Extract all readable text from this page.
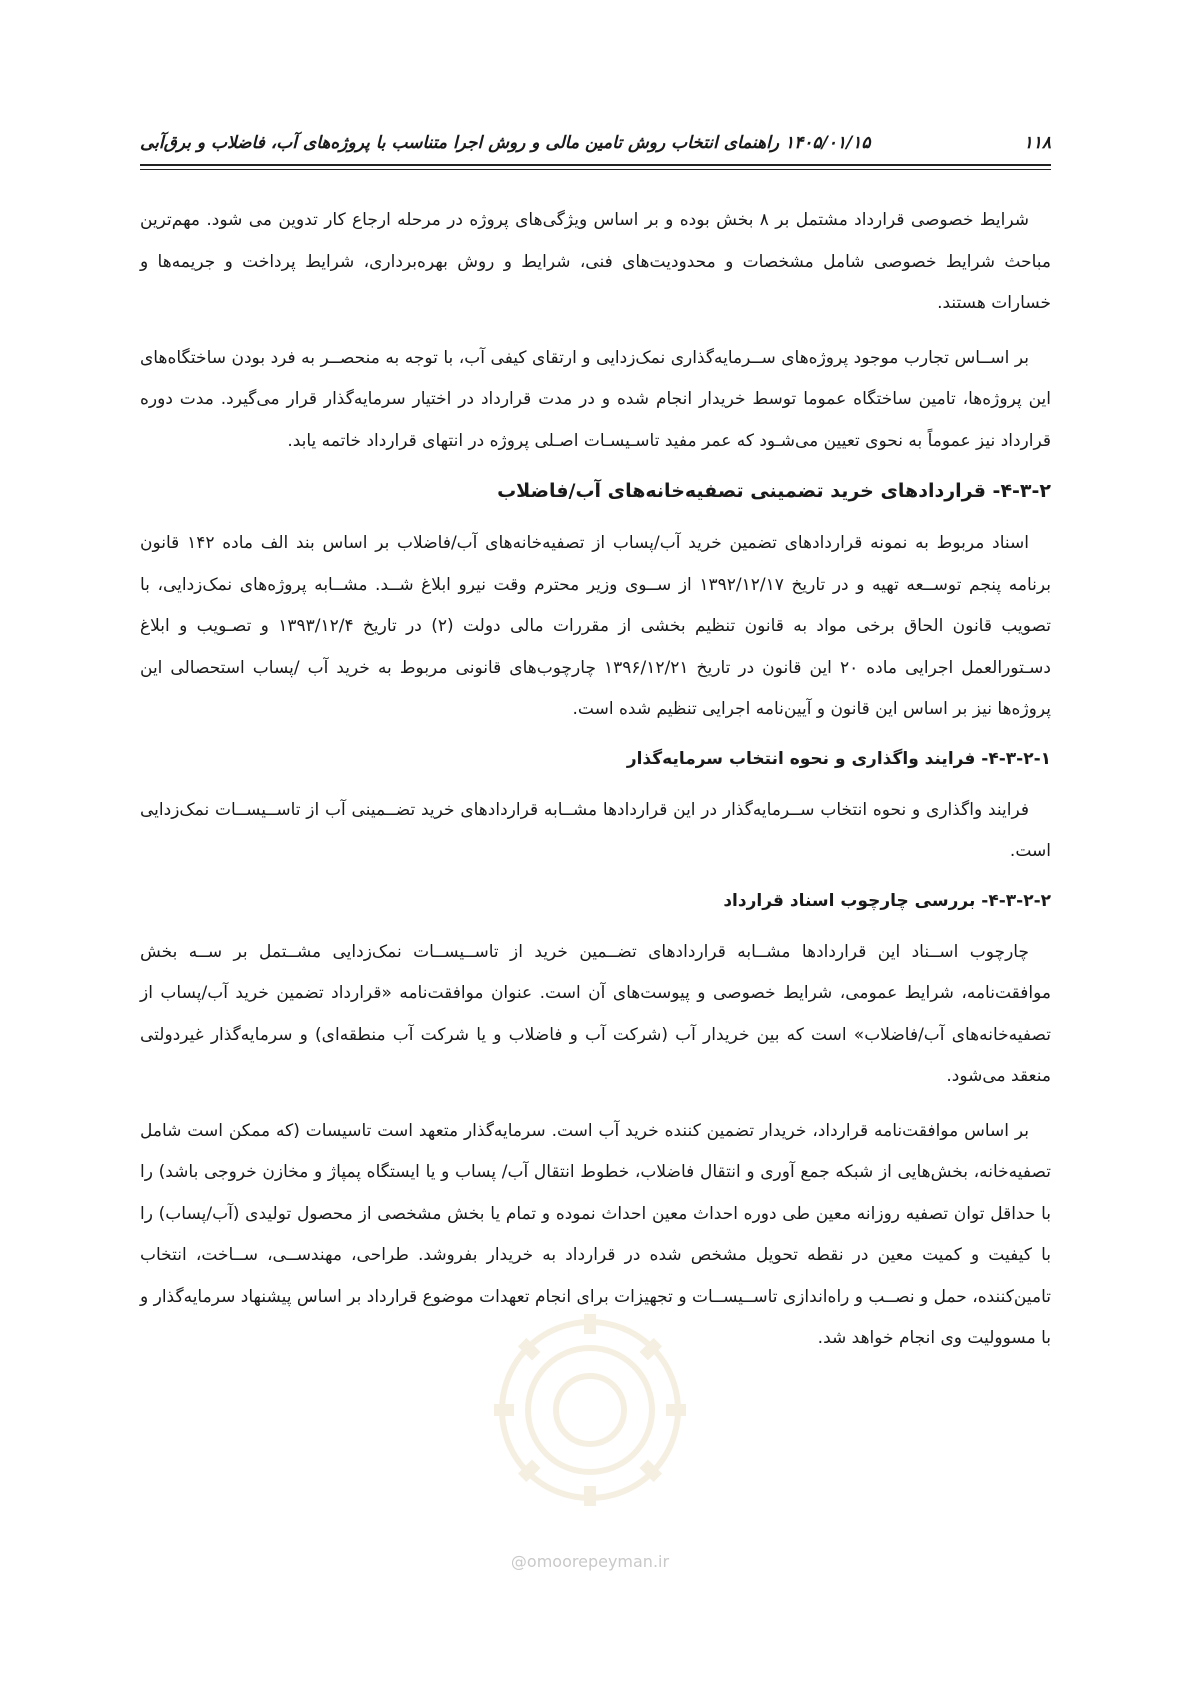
۱۱۸
۱۴۰۵/۰۱/۱۵ راهنمای انتخاب روش تامین مالی و روش اجرا متناسب با پروژه‌های آب، فاضلاب و برق‌آبی

شرایط خصوصی قرارداد مشتمل بر ۸ بخش بوده و بر اساس ویژگی‌های پروژه در مرحله ارجاع کار تدوین می شود. مهم‌ترین مباحث شرایط خصوصی شامل مشخصات و محدودیت‌های فنی، شرایط و روش بهره‌برداری، شرایط پرداخت و جریمه‌ها و خسارات هستند.

بر اســاس تجارب موجود پروژه‌های ســرمایه‌گذاری نمک‌زدایی و ارتقای کیفی آب، با توجه به منحصــر به فرد بودن ساختگاه‌های این پروژه‌ها، تامین ساختگاه عموما توسط خریدار انجام شده و در مدت قرارداد در اختیار سرمایه‌گذار قرار می‌گیرد. مدت دوره قرارداد نیز عموماً به نحوی تعیین می‌شـود که عمر مفید تاسـیسـات اصـلی پروژه در انتهای قرارداد خاتمه یابد.

۴-۳-۲- قراردادهای خرید تضمینی تصفیه‌خانه‌های آب/فاضلاب

اسناد مربوط به نمونه قراردادهای تضمین خرید آب/پساب از تصفیه‌خانه‌های آب/فاضلاب بر اساس بند الف ماده ۱۴۲ قانون برنامه پنجم توســعه تهیه و در تاریخ ۱۳۹۲/۱۲/۱۷ از ســوی وزیر محترم وقت نیرو ابلاغ شــد. مشــابه پروژه‌های نمک‌زدایی، با تصویب قانون الحاق برخی مواد به قانون تنظیم بخشی از مقررات مالی دولت (۲) در تاریخ ۱۳۹۳/۱۲/۴ و تصـویب و ابلاغ دسـتورالعمل اجرایی ماده ۲۰ این قانون در تاریخ ۱۳۹۶/۱۲/۲۱ چارچوب‌های قانونی مربوط به خرید آب /پساب استحصالی این پروژه‌ها نیز بر اساس این قانون و آیین‌نامه اجرایی تنظیم شده است.

۴-۳-۲-۱- فرایند واگذاری و نحوه انتخاب سرمایه‌گذار

فرایند واگذاری و نحوه انتخاب ســرمایه‌گذار در این قراردادها مشــابه قراردادهای خرید تضــمینی آب از تاســیســات نمک‌زدایی است.

۴-۳-۲-۲- بررسی چارچوب اسناد قرارداد

چارچوب اســناد این قراردادها مشــابه قراردادهای تضــمین خرید از تاســیســات نمک‌زدایی مشــتمل بر ســه بخش موافقت‌نامه، شرایط عمومی، شرایط خصوصی و پیوست‌های آن است. عنوان موافقت‌نامه «قرارداد تضمین خرید آب/پساب از تصفیه‌خانه‌های آب/فاضلاب» است که بین خریدار آب (شرکت آب و فاضلاب و یا شرکت آب منطقه‌ای) و سرمایه‌گذار غیردولتی منعقد می‌شود.

بر اساس موافقت‌نامه قرارداد، خریدار تضمین کننده خرید آب است. سرمایه‌گذار متعهد است تاسیسات (که ممکن است شامل تصفیه‌خانه، بخش‌هایی از شبکه جمع آوری و انتقال فاضلاب، خطوط انتقال آب/ پساب و یا ایستگاه پمپاژ و مخازن خروجی باشد) را با حداقل توان تصفیه روزانه معین طی دوره احداث معین احداث نموده و تمام یا بخش مشخصی از محصول تولیدی (آب/پساب) را با کیفیت و کمیت معین در نقطه تحویل مشخص شده در قرارداد به خریدار بفروشد. طراحی، مهندســی، ســاخت، انتخاب تامین‌کننده، حمل و نصــب و راه‌اندازی تاســیســات و تجهیزات برای انجام تعهدات موضوع قرارداد بر اساس پیشنهاد سرمایه‌گذار و با مسوولیت وی انجام خواهد شد.

@omoorepeyman.ir
